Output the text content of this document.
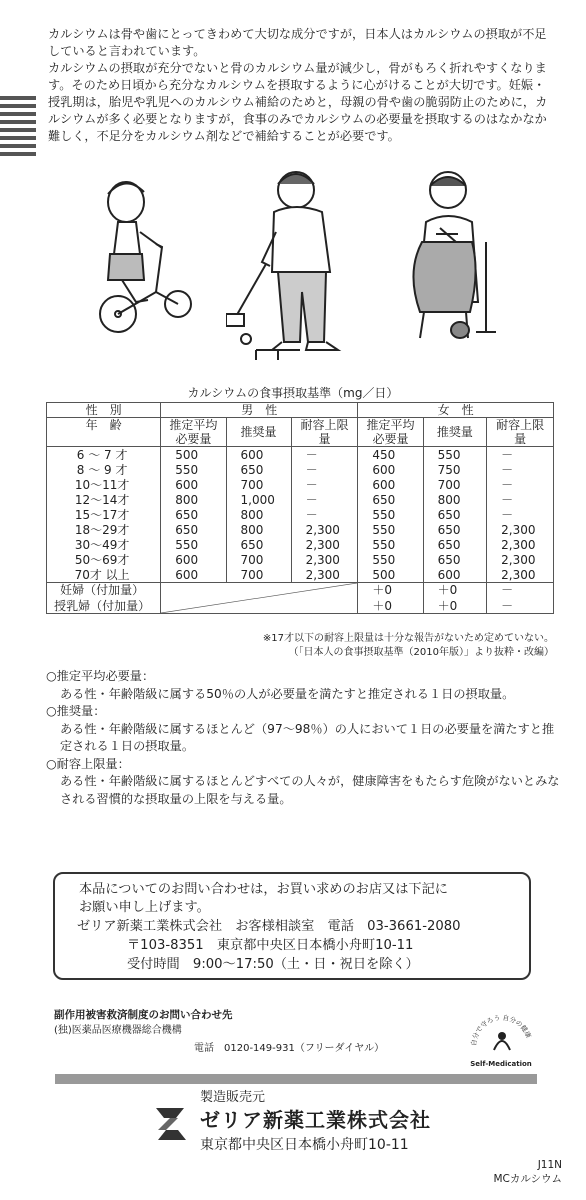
カルシウムは骨や歯にとってきわめて大切な成分ですが，日本人はカルシウムの摂取が不足していると言われています。

カルシウムの摂取が充分でないと骨のカルシウム量が減少し，骨がもろく折れやすくなります。そのため日頃から充分なカルシウムを摂取するように心がけることが大切です。妊娠・授乳期は，胎児や乳児へのカルシウム補給のためと，母親の骨や歯の脆弱防止のために，カルシウムが多く必要となりますが，食事のみでカルシウムの必要量を摂取するのはなかなか難しく，不足分をカルシウム剤などで補給することが必要です。

カルシウムの食事摂取基準（mg／日）
性　別	男　性			女　性		
年　齢	推定平均必要量	推奨量	耐容上限量	推定平均必要量	推奨量	耐容上限量
6 ～ 7 才	500	600	－	450	550	－
8 ～ 9 才	550	650	－	600	750	－
10～11才	600	700	－	600	700	－
12～14才	800	1,000	－	650	800	－
15～17才	650	800	－	550	650	－
18～29才	650	800	2,300	550	650	2,300
30～49才	550	650	2,300	550	650	2,300
50～69才	600	700	2,300	550	650	2,300
70才 以上	600	700	2,300	500	600	2,300
妊婦（付加量）				＋0	＋0	－
授乳婦（付加量）				＋0	＋0	－
※17才以下の耐容上限量は十分な報告がないため定めていない。
（「日本人の食事摂取基準（2010年版）」より抜粋・改編）

○推定平均必要量：

ある性・年齢階級に属する50％の人が必要量を満たすと推定される１日の摂取量。

○推奨量：

ある性・年齢階級に属するほとんど（97～98％）の人において１日の必要量を満たすと推定される１日の摂取量。

○耐容上限量：

ある性・年齢階級に属するほとんどすべての人々が，健康障害をもたらす危険がないとみなされる習慣的な摂取量の上限を与える量。

本品についてのお問い合わせは，お買い求めのお店又は下記に
お願い申し上げます。
ゼリア新薬工業株式会社　お客様相談室　電話　03-3661-2080
〒103-8351　東京都中央区日本橋小舟町10-11
受付時間　9:00～17:50（土・日・祝日を除く）
副作用被害救済制度のお問い合わせ先
(独)医薬品医療機器総合機構
電話　0120-149-931（フリーダイヤル）
自分で守ろう 自分の健康
Self-Medication
製造販売元
ゼリア新薬工業株式会社
東京都中央区日本橋小舟町10-11
J11N
MCカルシウム
